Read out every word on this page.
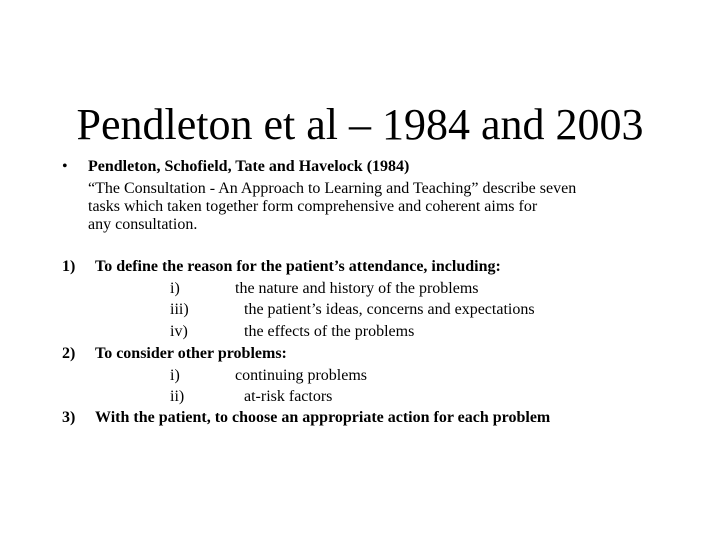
Pendleton et al – 1984 and 2003
• Pendleton, Schofield, Tate and Havelock (1984)
“The Consultation - An Approach to Learning and Teaching” describe seven
tasks which taken together form comprehensive and coherent aims for
any consultation.
1) To define the reason for the patient’s attendance, including:
i)	the nature and history of the problems
iii)	the patient’s ideas, concerns and expectations
iv)	the effects of the problems
2) To consider other problems:
i)	continuing problems
ii)	at-risk factors
3) With the patient, to choose an appropriate action for each problem
